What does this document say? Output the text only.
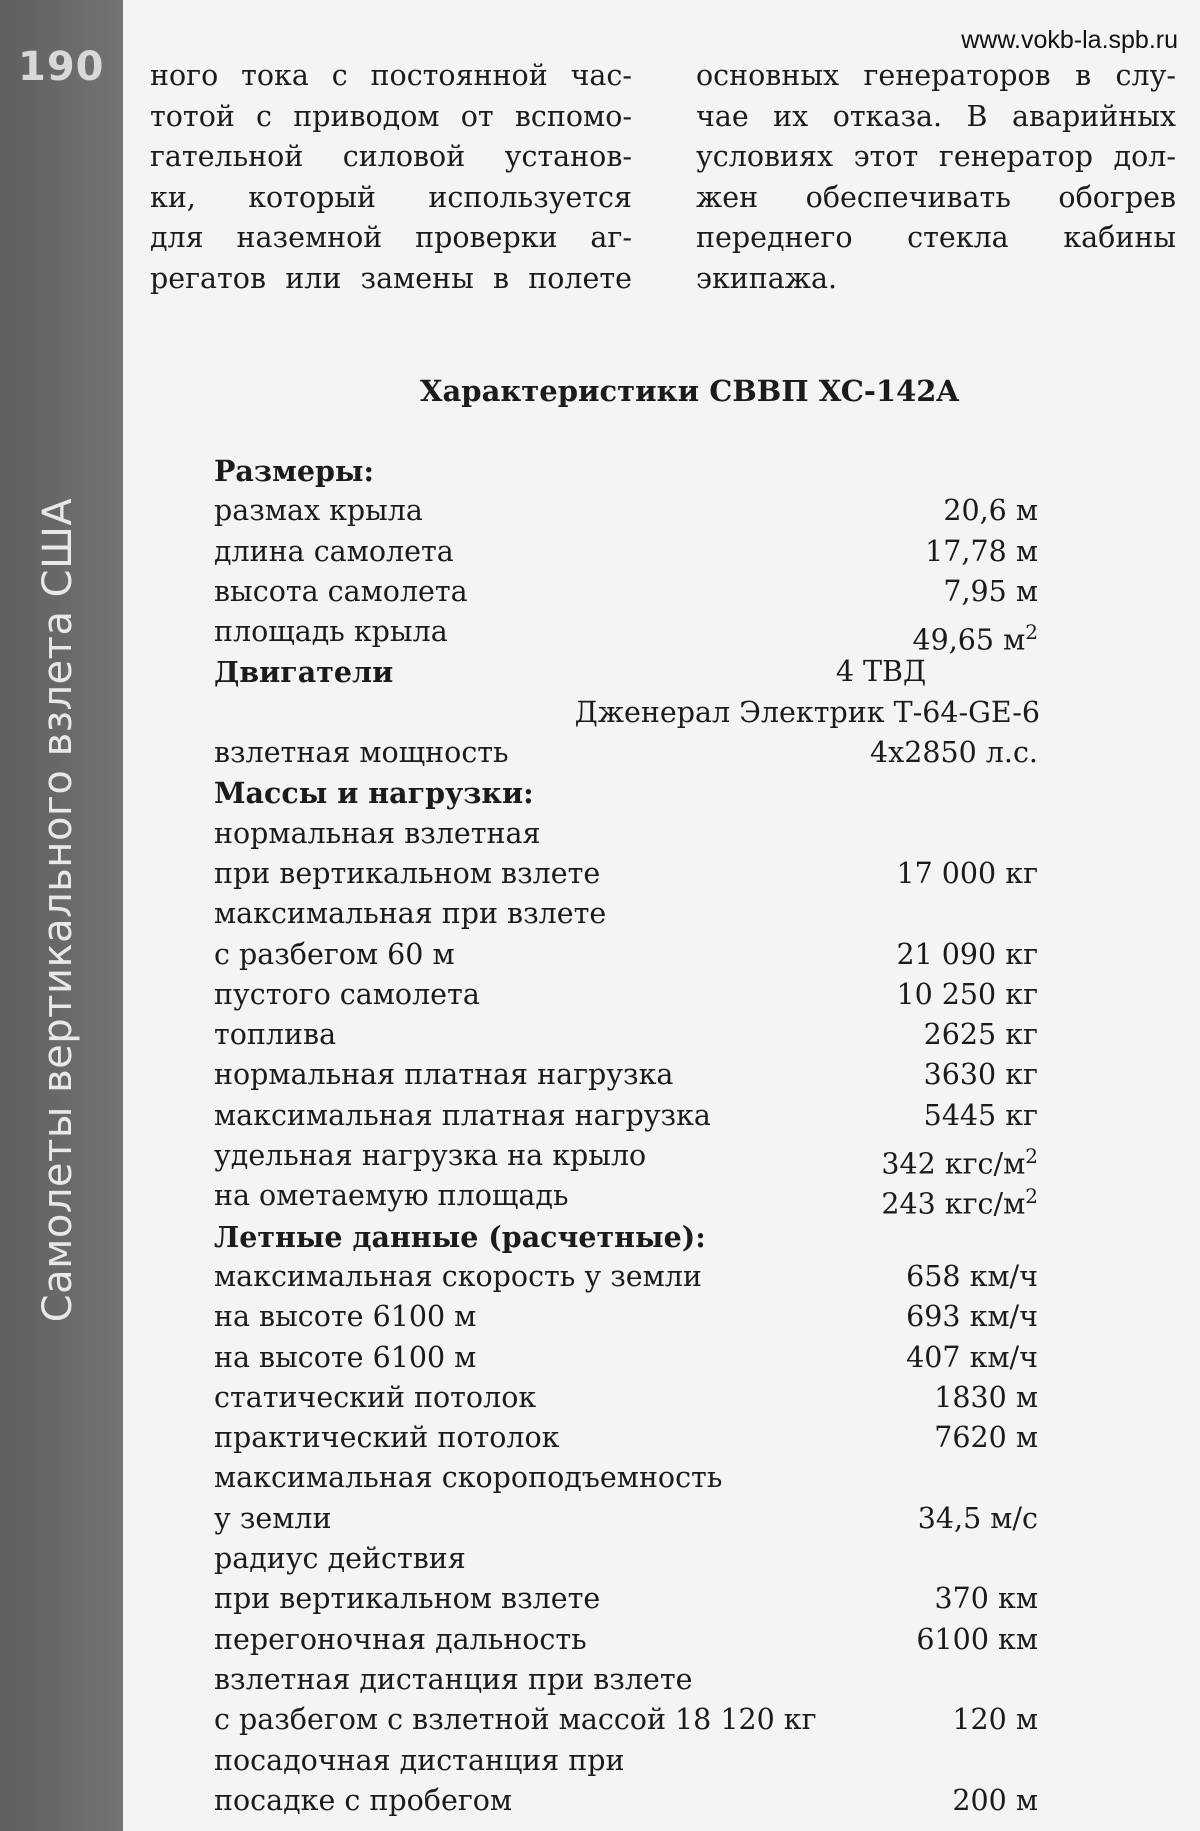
190
Самолеты вертикального взлета США
www.vokb-la.spb.ru
ного тока с постоянной час-
тотой с приводом от вспомо-
гательной силовой установ-
ки, который используется
для наземной проверки аг-
регатов или замены в полете
основных генераторов в слу-
чае их отказа. В аварийных
условиях этот генератор дол-
жен обеспечивать обогрев
переднего стекла кабины
экипажа.
Характеристики СВВП XC-142A
Размеры:
размах крыла	20,6 м
длина самолета	17,78 м
высота самолета	7,95 м
площадь крыла	49,65 $м^2$
Двигатели	4 ТВД
Дженерал Электрик Т-64-GE-6
взлетная мощность	4x2850 л.с.
Массы и нагрузки:
нормальная взлетная
при вертикальном взлете	17 000 кг
максимальная при взлете
с разбегом 60 м	21 090 кг
пустого самолета	10 250 кг
топлива	2625 кг
нормальная платная нагрузка	3630 кг
максимальная платная нагрузка	5445 кг
удельная нагрузка на крыло	342 кгс/$м^2$
на ометаемую площадь	243 кгс/$м^2$
Летные данные (расчетные):
максимальная скорость у земли	658 км/ч
на высоте 6100 м	693 км/ч
на высоте 6100 м	407 км/ч
статический потолок	1830 м
практический потолок	7620 м
максимальная скороподъемность
у земли	34,5 м/с
радиус действия
при вертикальном взлете	370 км
перегоночная дальность	6100 км
взлетная дистанция при взлете
с разбегом с взлетной массой 18 120 кг	120 м
посадочная дистанция при
посадке с пробегом	200 м
